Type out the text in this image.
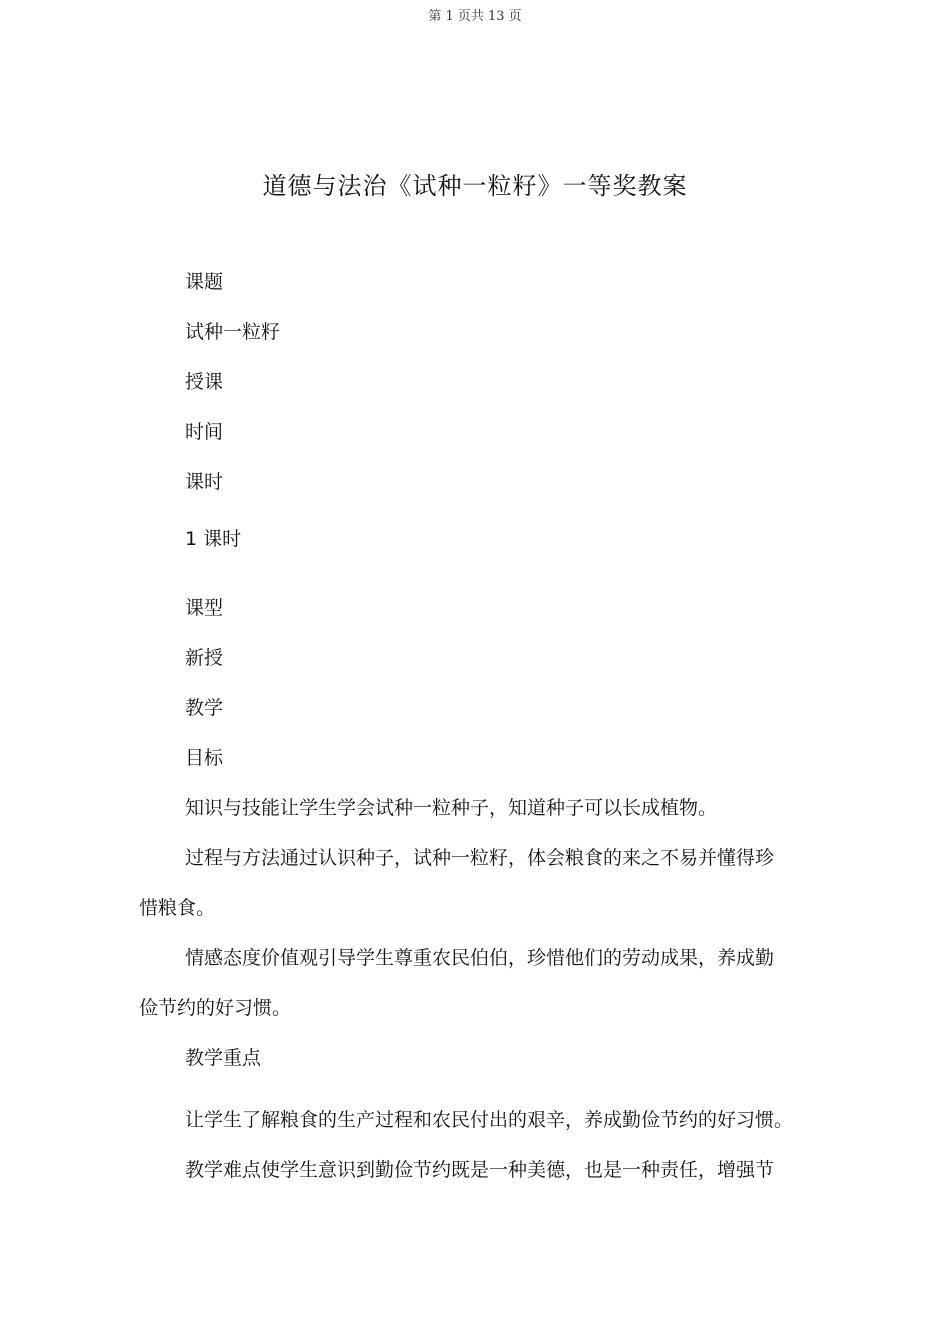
第 1 页共 13 页
道德与法治《试种一粒籽》一等奖教案
课题
试种一粒籽
授课
时间
课时
1 课时
课型
新授
教学
目标
知识与技能让学生学会试种一粒种子，知道种子可以长成植物。
过程与方法通过认识种子，试种一粒籽，体会粮食的来之不易并懂得珍
惜粮食。
情感态度价值观引导学生尊重农民伯伯，珍惜他们的劳动成果，养成勤
俭节约的好习惯。
教学重点
让学生了解粮食的生产过程和农民付出的艰辛，养成勤俭节约的好习惯。
教学难点使学生意识到勤俭节约既是一种美德，也是一种责任，增强节
